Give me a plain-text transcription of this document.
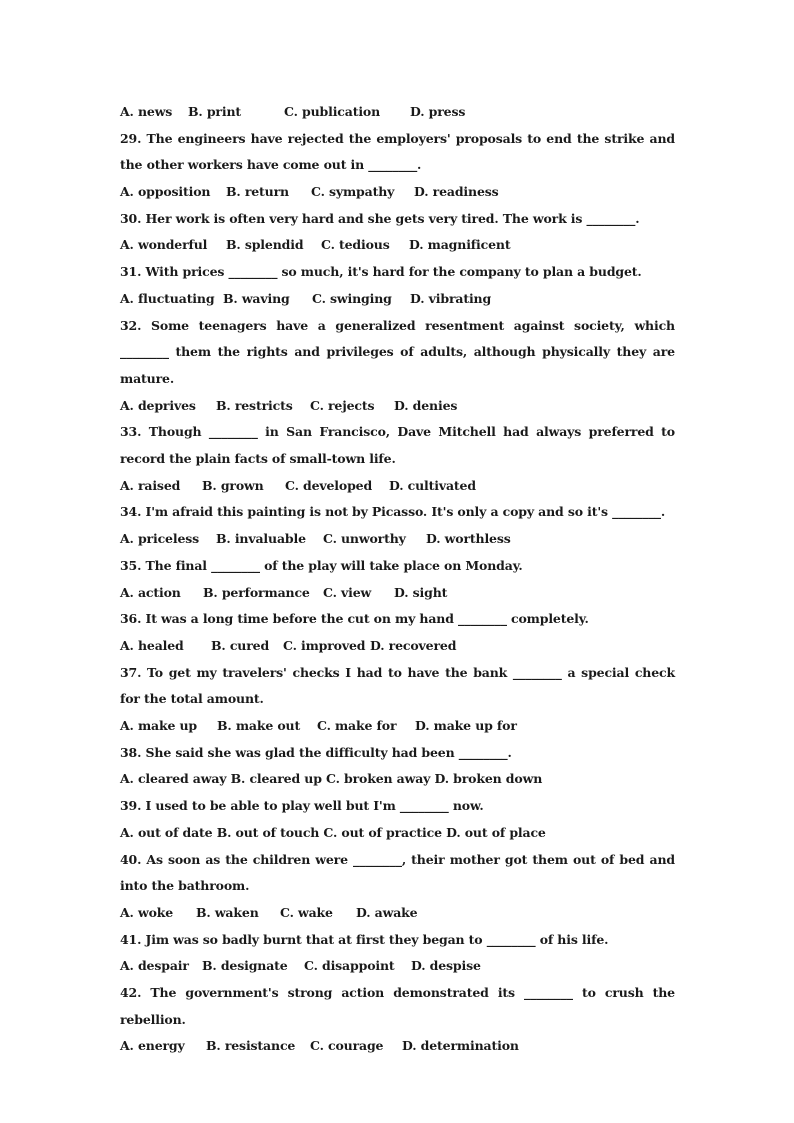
A. news	B. print	C. publication	D. press
29. The engineers have rejected the employers' proposals to end the strike and the other workers have come out in ________.
A. opposition	B. return	C. sympathy	D. readiness
30. Her work is often very hard and she gets very tired. The work is ________.
A. wonderful	B. splendid	C. tedious	D. magnificent
31. With prices ________ so much, it's hard for the company to plan a budget.
A. fluctuating B. waving	C. swinging	D. vibrating
32. Some teenagers have a generalized resentment against society, which ________ them the rights and privileges of adults, although physically they are mature.
A. deprives	B. restricts	C. rejects	D. denies
33. Though ________ in San Francisco, Dave Mitchell had always preferred to record the plain facts of small-town life.
A. raised	B. grown	C. developed	D. cultivated
34. I'm afraid this painting is not by Picasso. It's only a copy and so it's ________.
A. priceless	B. invaluable	C. unworthy	D. worthless
35. The final ________ of the play will take place on Monday.
A. action	B. performance	C. view	D. sight
36. It was a long time before the cut on my hand ________ completely.
A. healed	B. cured	C. improved D. recovered
37. To get my travelers' checks I had to have the bank ________ a special check for the total amount.
A. make up	B. make out	C. make for	D. make up for
38. She said she was glad the difficulty had been ________.
A. cleared away B. cleared up C. broken away D. broken down
39. I used to be able to play well but I'm ________ now.
A. out of date B. out of touch C. out of practice D. out of place
40. As soon as the children were ________, their mother got them out of bed and into the bathroom.
A. woke	B. waken	C. wake	D. awake
41. Jim was so badly burnt that at first they began to ________ of his life.
A. despair	B. designate	C. disappoint	D. despise
42. The government's strong action demonstrated its ________ to crush the rebellion.
A. energy	B. resistance	C. courage	D. determination
